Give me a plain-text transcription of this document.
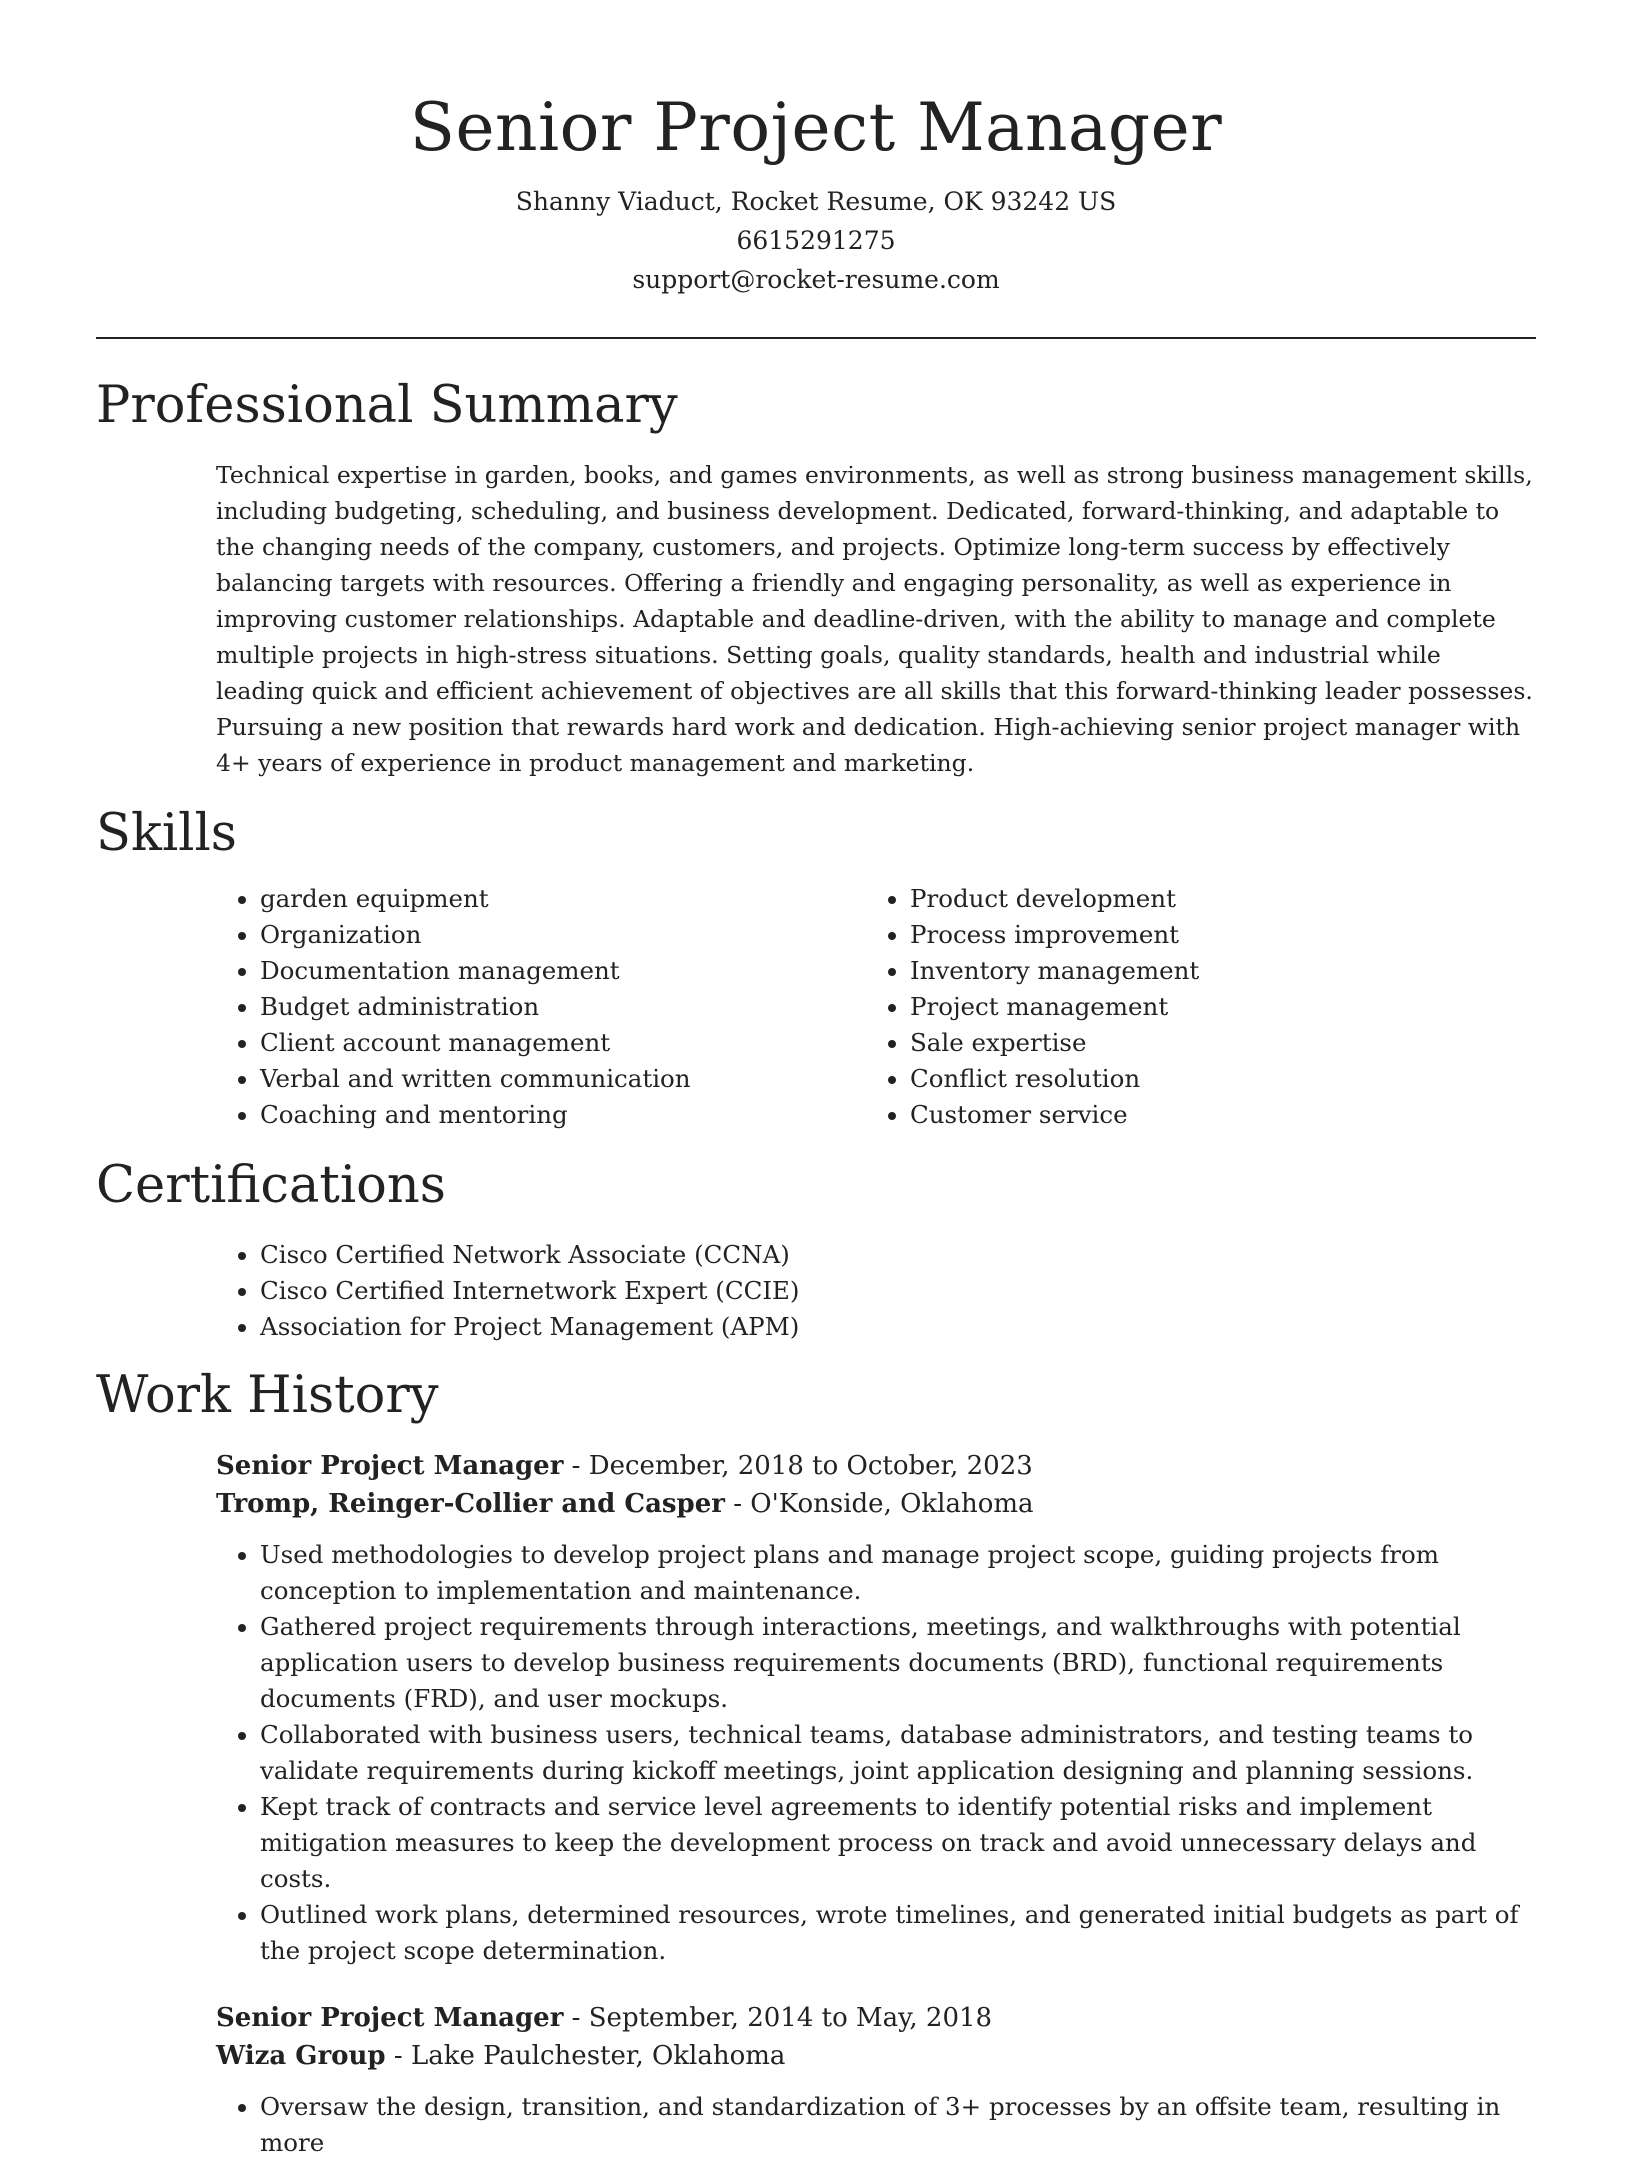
Senior Project Manager

Shanny Viaduct, Rocket Resume, OK 93242 US

6615291275

support@rocket-resume.com

Professional Summary

Technical expertise in garden, books, and games environments, as well as strong business management skills, including budgeting, scheduling, and business development. Dedicated, forward-thinking, and adaptable to the changing needs of the company, customers, and projects. Optimize long-term success by effectively balancing targets with resources. Offering a friendly and engaging personality, as well as experience in improving customer relationships. Adaptable and deadline-driven, with the ability to manage and complete multiple projects in high-stress situations. Setting goals, quality standards, health and industrial while leading quick and efficient achievement of objectives are all skills that this forward-thinking leader possesses. Pursuing a new position that rewards hard work and dedication. High-achieving senior project manager with 4+ years of experience in product management and marketing.

Skills
• garden equipment
• Organization
• Documentation management
• Budget administration
• Client account management
• Verbal and written communication
• Coaching and mentoring
• Product development
• Process improvement
• Inventory management
• Project management
• Sale expertise
• Conflict resolution
• Customer service
Certifications
• Cisco Certified Network Associate (CCNA)
• Cisco Certified Internetwork Expert (CCIE)
• Association for Project Management (APM)
Work History
Senior Project Manager - December, 2018 to October, 2023
Tromp, Reinger-Collier and Casper - O'Konside, Oklahoma
• Used methodologies to develop project plans and manage project scope, guiding projects from conception to implementation and maintenance.
• Gathered project requirements through interactions, meetings, and walkthroughs with potential application users to develop business requirements documents (BRD), functional requirements documents (FRD), and user mockups.
• Collaborated with business users, technical teams, database administrators, and testing teams to validate requirements during kickoff meetings, joint application designing and planning sessions.
• Kept track of contracts and service level agreements to identify potential risks and implement mitigation measures to keep the development process on track and avoid unnecessary delays and costs.
• Outlined work plans, determined resources, wrote timelines, and generated initial budgets as part of the project scope determination.
Senior Project Manager - September, 2014 to May, 2018
Wiza Group - Lake Paulchester, Oklahoma
• Oversaw the design, transition, and standardization of 3+ processes by an offsite team, resulting in more
